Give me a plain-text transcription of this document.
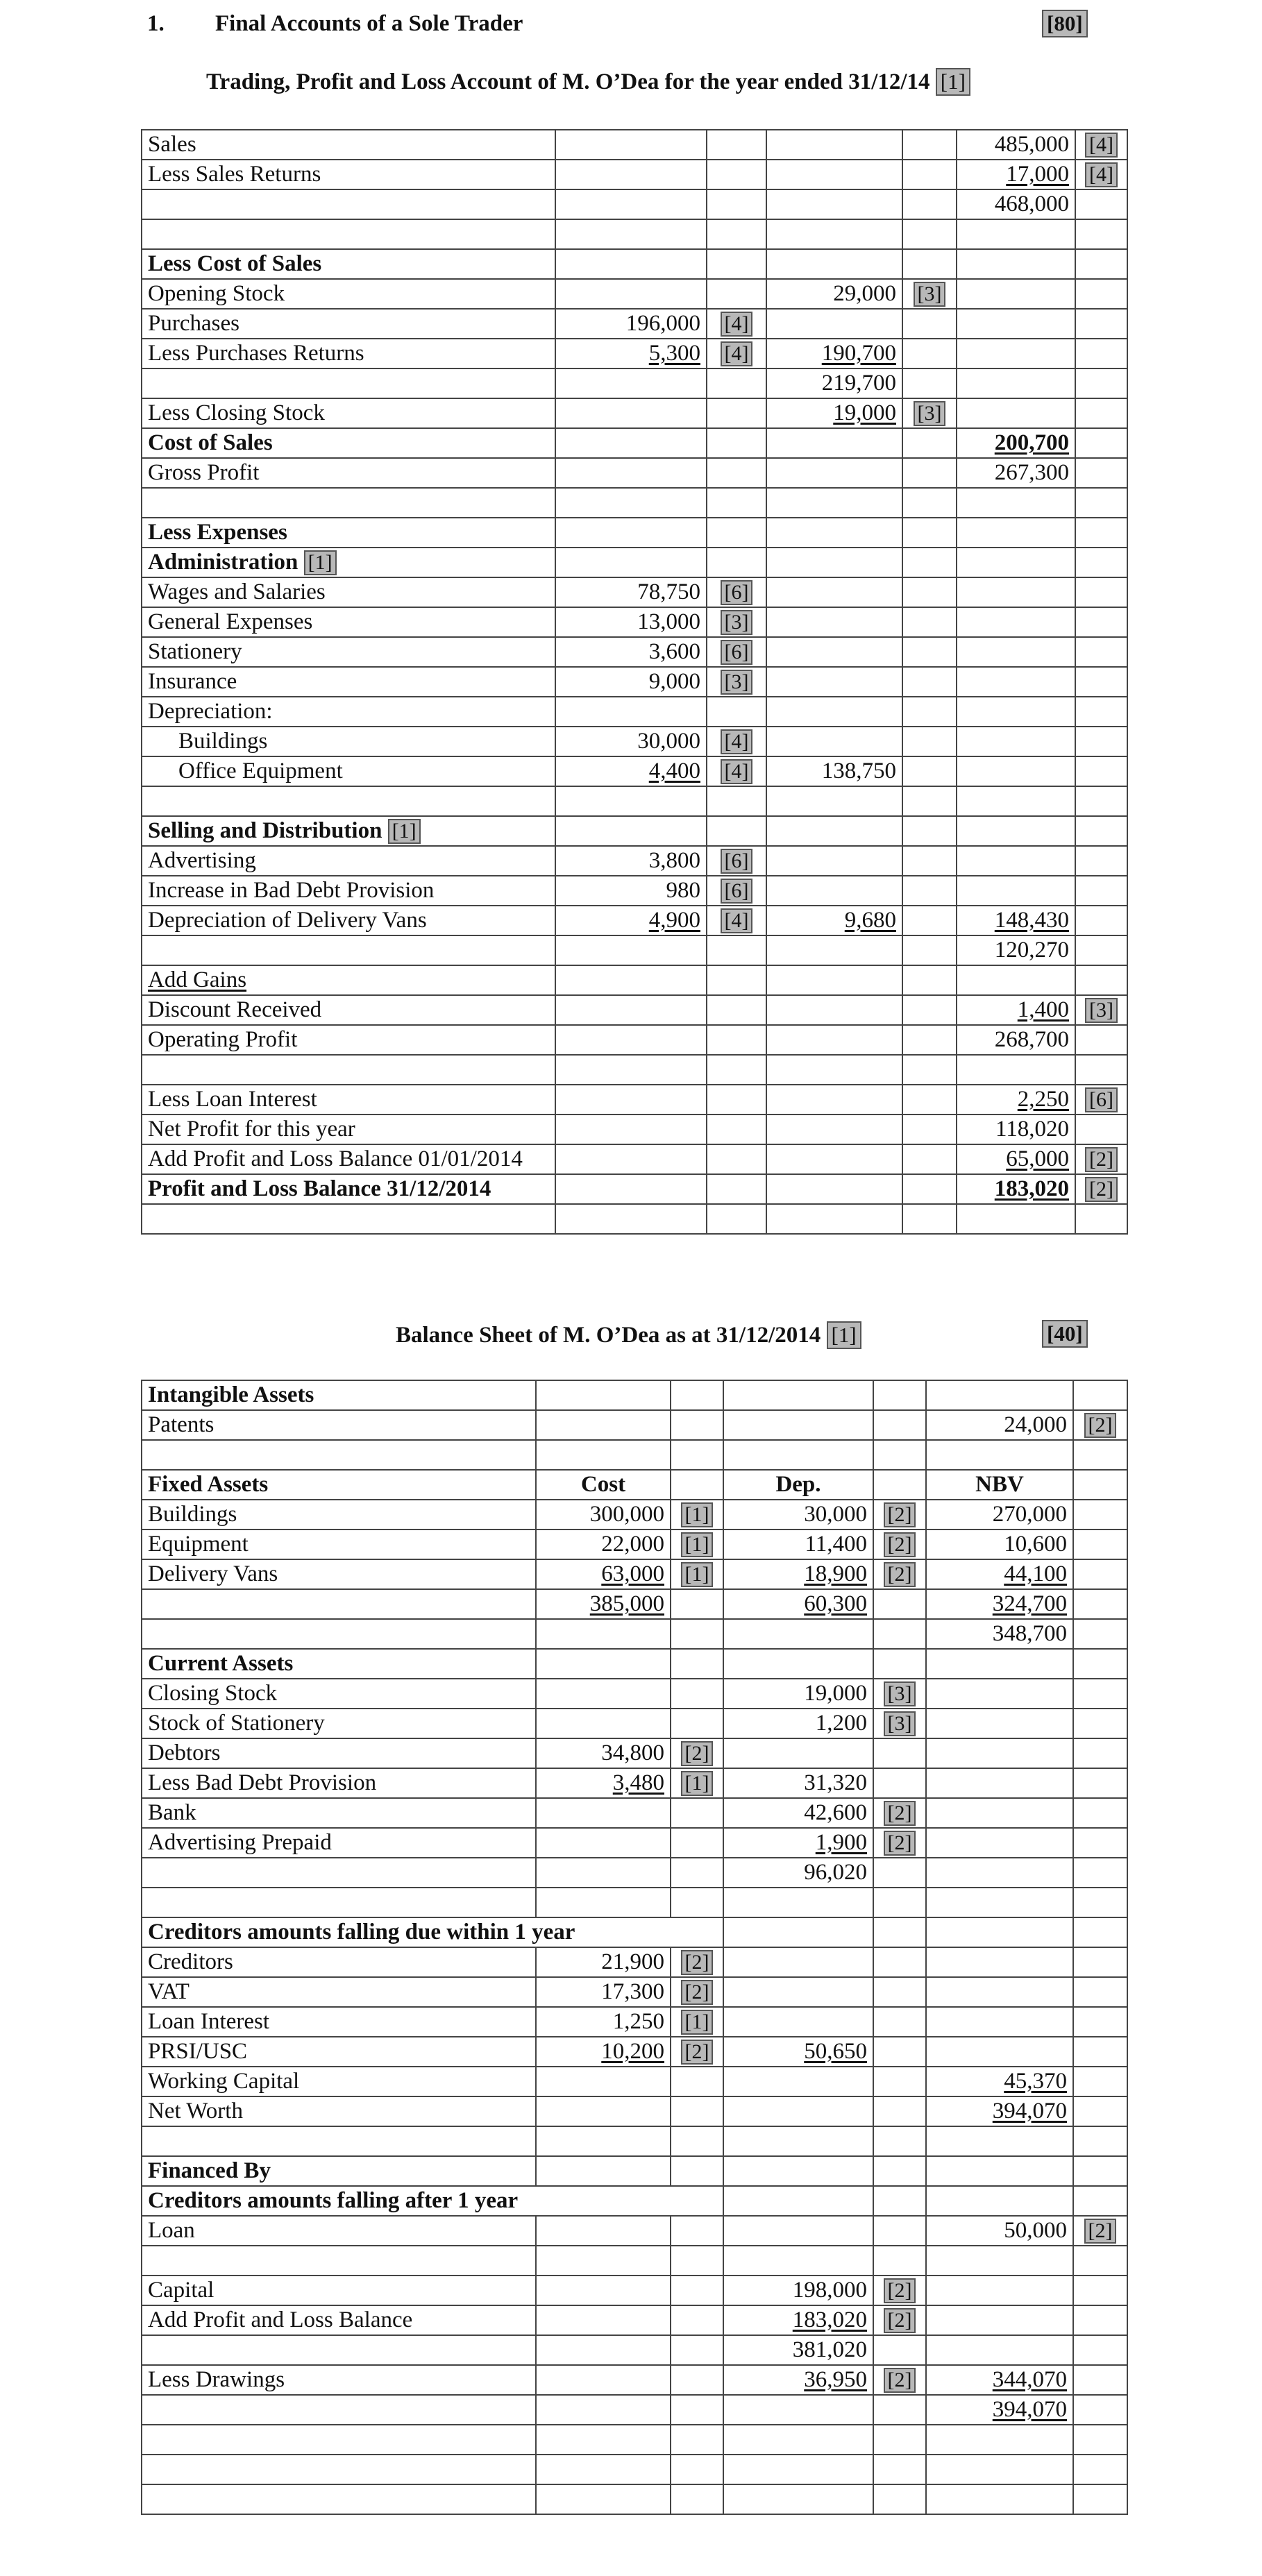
1. Final Accounts of a Sole Trader	[80]
Trading, Profit and Loss Account of M. O’Dea for the year ended 31/12/14 [1]
Sales					485,000	[4]
Less Sales Returns					17,000	[4]
					468,000	

Less Cost of Sales						
Opening Stock			29,000	[3]		
Purchases	196,000	[4]				
Less Purchases Returns	5,300	[4]	190,700			
			219,700			
Less Closing Stock			19,000	[3]		
Cost of Sales					200,700	
Gross Profit					267,300	

Less Expenses						
Administration [1]						
Wages and Salaries	78,750	[6]				
General Expenses	13,000	[3]				
Stationery	3,600	[6]				
Insurance	9,000	[3]				
Depreciation:						
Buildings	30,000	[4]				
Office Equipment	4,400	[4]	138,750			

Selling and Distribution [1]						
Advertising	3,800	[6]				
Increase in Bad Debt Provision	980	[6]				
Depreciation of Delivery Vans	4,900	[4]	9,680		148,430	
					120,270	
Add Gains						
Discount Received					1,400	[3]
Operating Profit					268,700	

Less Loan Interest					2,250	[6]
Net Profit for this year					118,020	
Add Profit and Loss Balance 01/01/2014					65,000	[2]
Profit and Loss Balance 31/12/2014					183,020	[2]

Balance Sheet of M. O’Dea as at 31/12/2014 [1]	[40]
Intangible Assets						
Patents					24,000	[2]

Fixed Assets	Cost		Dep.		NBV	
Buildings	300,000	[1]	30,000	[2]	270,000	
Equipment	22,000	[1]	11,400	[2]	10,600	
Delivery Vans	63,000	[1]	18,900	[2]	44,100	
	385,000		60,300		324,700	
					348,700	
Current Assets						
Closing Stock			19,000	[3]		
Stock of Stationery			1,200	[3]		
Debtors	34,800	[2]				
Less Bad Debt Provision	3,480	[1]	31,320			
Bank			42,600	[2]		
Advertising Prepaid			1,900	[2]		
			96,020			

Creditors amounts falling due within 1 year						
Creditors	21,900	[2]				
VAT	17,300	[2]				
Loan Interest	1,250	[1]				
PRSI/USC	10,200	[2]	50,650			
Working Capital					45,370	
Net Worth					394,070	

Financed By						
Creditors amounts falling after 1 year						
Loan					50,000	[2]

Capital			198,000	[2]		
Add Profit and Loss Balance			183,020	[2]		
			381,020			
Less Drawings			36,950	[2]	344,070	
					394,070	
